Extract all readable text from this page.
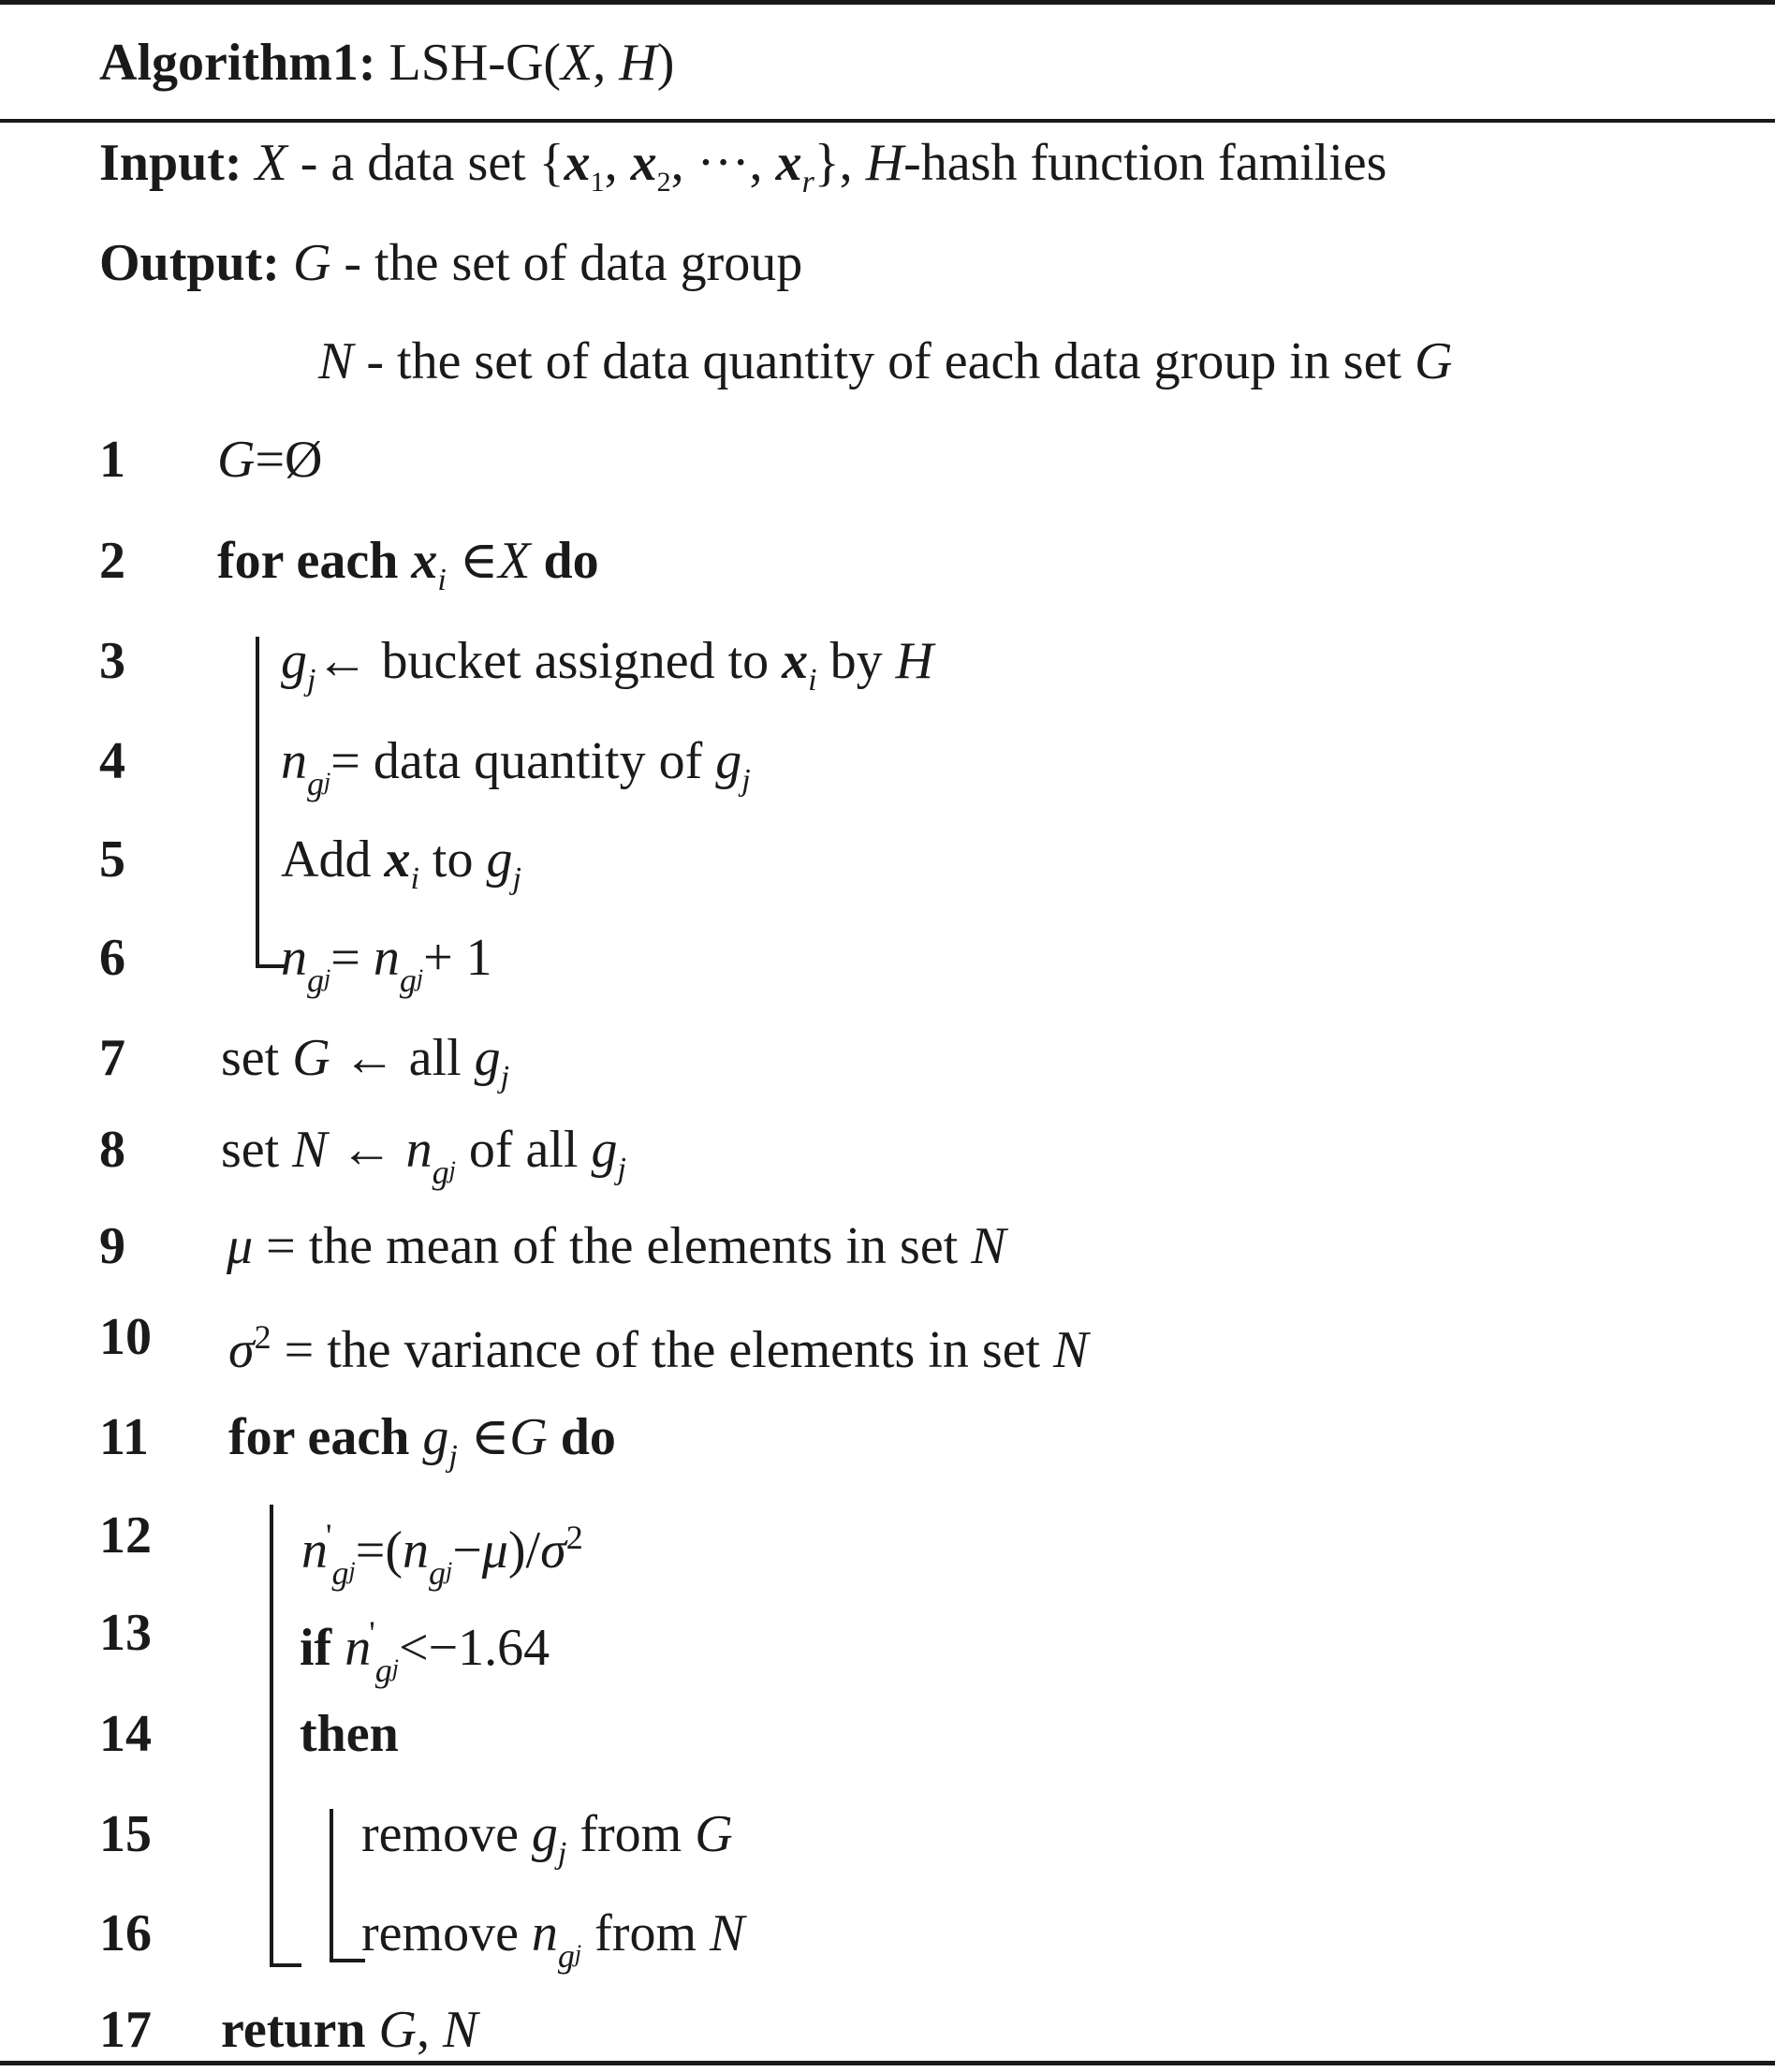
Algorithm1: LSH-G(X, H)
Input: X - a data set {$x_1$, $x_2$, ···, $x_r$}, H-hash function families
Output: G - the set of data group
N - the set of data quantity of each data group in set G
1 G=Ø
2 for each $x_i$ ∈X do
3	$g_j\leftarrow$ bucket assigned to $x_i$ by H
4	$n_{gj}=$ data quantity of $g_j$
5	Add $x_i$ to $g_j$
6	$n_{gj}= n_{gj}+ 1$
7 set G ← all $g_j$
8 set N ← $n_{gj}$ of all $g_j$
9 μ = the mean of the elements in set N
10 $\sigma^2$ = the variance of the elements in set N
11 for each $g_j$ ∈G do
12	$n'_{gj}=(n_{gj}-\mu)/\sigma^2$
13	if $n'_{gj}<-1.64$
14	then
15	remove $g_j$ from G
16	remove $n_{gj}$ from N
17 return G, N
